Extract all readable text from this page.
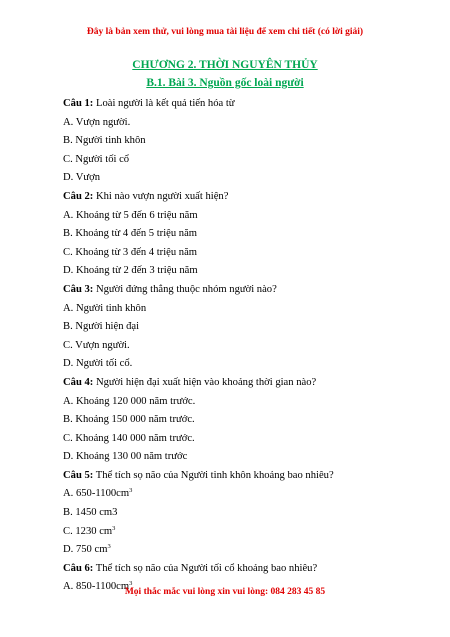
Đây là bản xem thử, vui lòng mua tài liệu để xem chi tiết (có lời giải)
CHƯƠNG 2. THỜI NGUYÊN THỦY
B.1. Bài 3. Nguồn gốc loài người
Câu 1: Loài người là kết quả tiến hóa từ
A. Vượn người.
B. Người tinh khôn
C. Người tối cổ
D. Vượn
Câu 2: Khi nào vượn người xuất hiện?
A. Khoảng từ 5 đến 6 triệu năm
B. Khoảng từ 4 đến 5 triệu năm
C. Khoảng từ 3 đến 4 triệu năm
D. Khoảng từ 2 đến 3 triệu năm
Câu 3: Người đứng thẳng thuộc nhóm người nào?
A. Người tinh khôn
B. Người hiện đại
C. Vượn người.
D. Người tối cổ.
Câu 4: Người hiện đại xuất hiện vào khoảng thời gian nào?
A. Khoảng 120 000 năm trước.
B. Khoảng 150 000 năm trước.
C. Khoảng 140 000 năm trước.
D. Khoảng 130 00 năm trước
Câu 5: Thể tích sọ não của Người tinh khôn khoảng bao nhiêu?
A. $650-1100cm^3$
B. 1450 cm3
C. 1230 $cm^3$
D. 750 $cm^3$
Câu 6: Thể tích sọ não của Người tối cổ khoảng bao nhiêu?
A. $850-1100cm^3$
Mọi thắc mắc vui lòng xin vui lòng: 084 283 45 85
